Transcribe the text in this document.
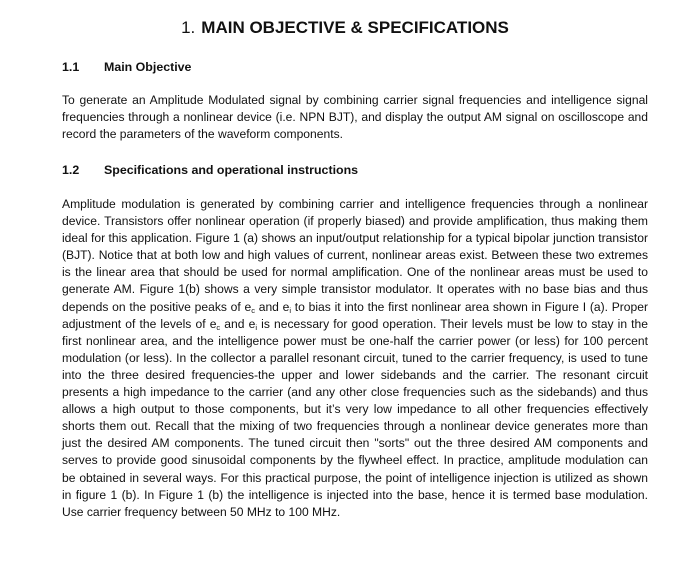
1. MAIN OBJECTIVE & SPECIFICATIONS
1.1 Main Objective

To generate an Amplitude Modulated signal by combining carrier signal frequencies and intelligence signal frequencies through a nonlinear device (i.e. NPN BJT), and display the output AM signal on oscilloscope and record the parameters of the waveform components.

1.2 Specifications and operational instructions

Amplitude modulation is generated by combining carrier and intelligence frequencies through a nonlinear device. Transistors offer nonlinear operation (if properly biased) and provide amplification, thus making them ideal for this application. Figure 1 (a) shows an input/output relationship for a typical bipolar junction transistor (BJT). Notice that at both low and high values of current, nonlinear areas exist. Between these two extremes is the linear area that should be used for normal amplification. One of the nonlinear areas must be used to generate AM. Figure 1(b) shows a very simple transistor modulator. It operates with no base bias and thus depends on the positive peaks of $e_c$ and $e_i$ to bias it into the first nonlinear area shown in Figure I (a). Proper adjustment of the levels of $e_c$ and $e_i$ is necessary for good operation. Their levels must be low to stay in the first nonlinear area, and the intelligence power must be one-half the carrier power (or less) for 100 percent modulation (or less). In the collector a parallel resonant circuit, tuned to the carrier frequency, is used to tune into the three desired frequencies-the upper and lower sidebands and the carrier. The resonant circuit presents a high impedance to the carrier (and any other close frequencies such as the sidebands) and thus allows a high output to those components, but it’s very low impedance to all other frequencies effectively shorts them out. Recall that the mixing of two frequencies through a nonlinear device generates more than just the desired AM components. The tuned circuit then "sorts" out the three desired AM components and serves to provide good sinusoidal components by the flywheel effect. In practice, amplitude modulation can be obtained in several ways. For this practical purpose, the point of intelligence injection is utilized as shown in figure 1 (b). In Figure 1 (b) the intelligence is injected into the base, hence it is termed base modulation. Use carrier frequency between 50 MHz to 100 MHz.
